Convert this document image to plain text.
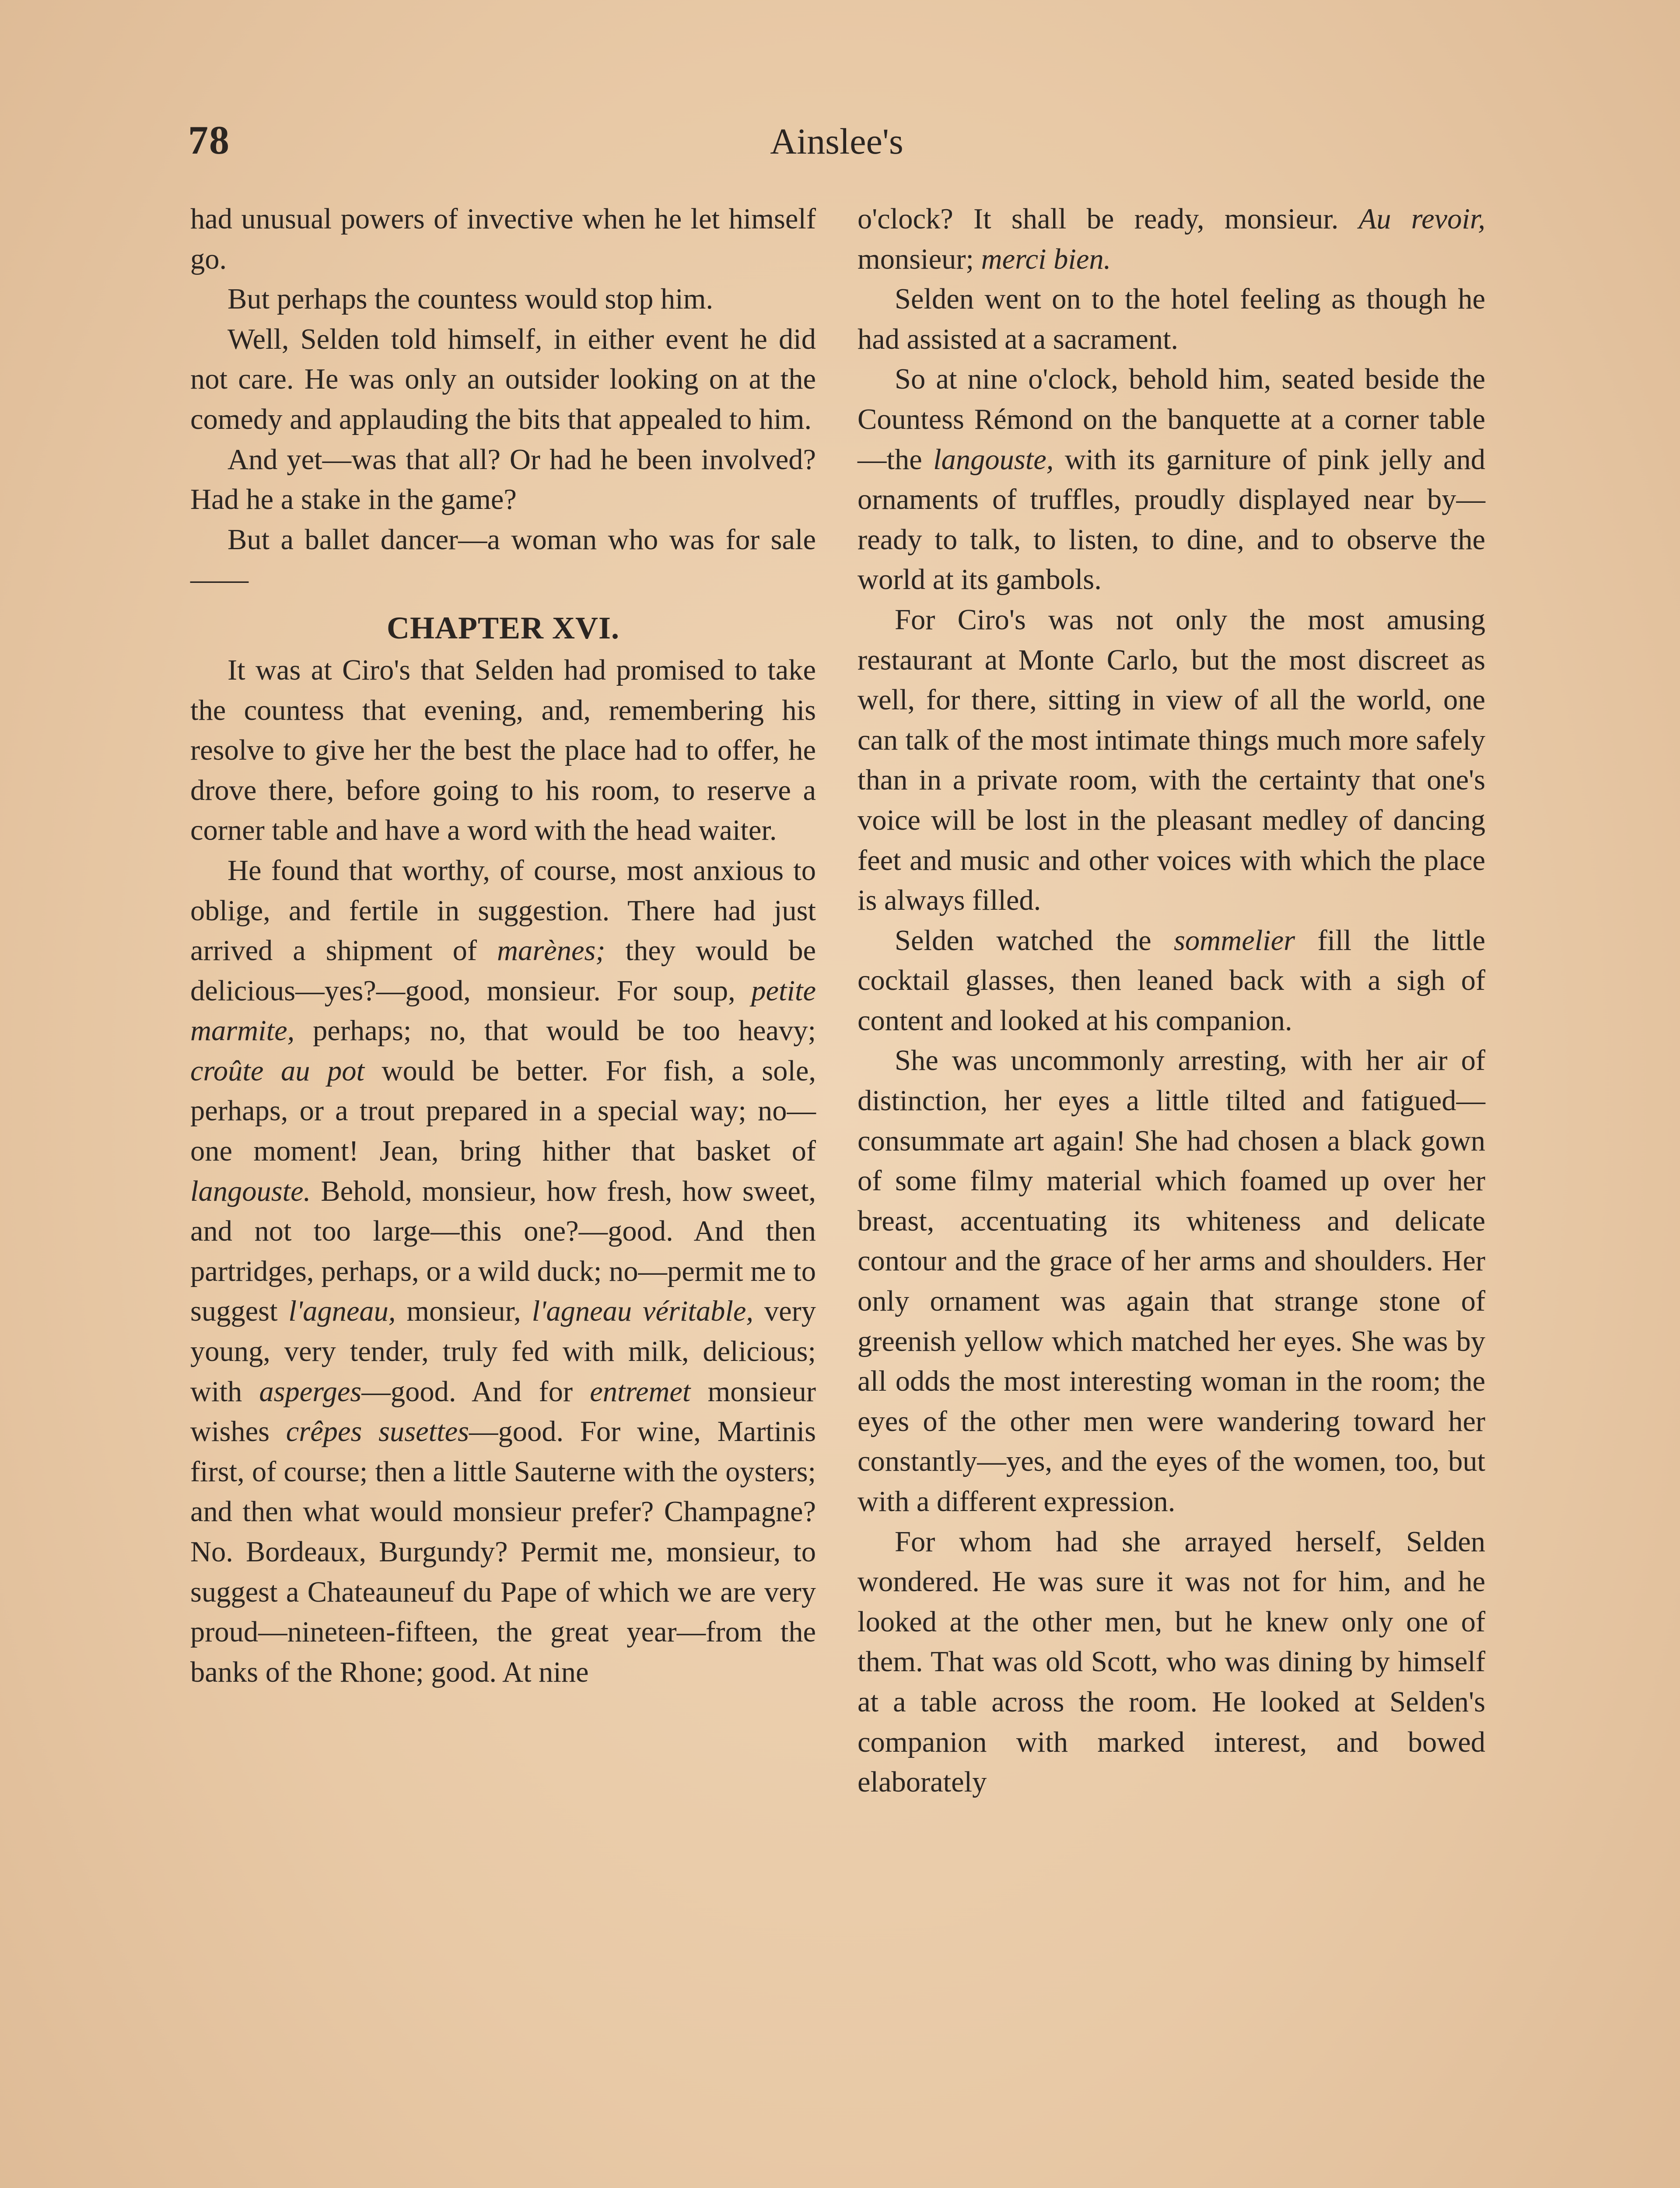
78	Ainslee's

had unusual powers of invective when he let himself go.

But perhaps the countess would stop him.

Well, Selden told himself, in either event he did not care. He was only an outsider looking on at the comedy and applauding the bits that appealed to him.

And yet—was that all? Or had he been involved? Had he a stake in the game?

But a ballet dancer—a woman who was for sale——

CHAPTER XVI.

It was at Ciro's that Selden had promised to take the countess that evening, and, remembering his resolve to give her the best the place had to offer, he drove there, before going to his room, to reserve a corner table and have a word with the head waiter.

He found that worthy, of course, most anxious to oblige, and fertile in suggestion. There had just arrived a shipment of marènes; they would be delicious—yes?—good, monsieur. For soup, petite marmite, perhaps; no, that would be too heavy; croûte au pot would be better. For fish, a sole, perhaps, or a trout prepared in a special way; no—one moment! Jean, bring hither that basket of langouste. Behold, monsieur, how fresh, how sweet, and not too large—this one?—good. And then partridges, perhaps, or a wild duck; no—permit me to suggest l'agneau, monsieur, l'agneau véritable, very young, very tender, truly fed with milk, delicious; with asperges—good. And for entremet monsieur wishes crêpes susettes—good. For wine, Martinis first, of course; then a little Sauterne with the oysters; and then what would monsieur prefer? Champagne? No. Bordeaux, Burgundy? Permit me, monsieur, to suggest a Chateauneuf du Pape of which we are very proud—nineteen-fifteen, the great year—from the banks of the Rhone; good. At nine

o'clock? It shall be ready, monsieur. Au revoir, monsieur; merci bien.

Selden went on to the hotel feeling as though he had assisted at a sacrament.

So at nine o'clock, behold him, seated beside the Countess Rémond on the banquette at a corner table—the langouste, with its garniture of pink jelly and ornaments of truffles, proudly displayed near by—ready to talk, to listen, to dine, and to observe the world at its gambols.

For Ciro's was not only the most amusing restaurant at Monte Carlo, but the most discreet as well, for there, sitting in view of all the world, one can talk of the most intimate things much more safely than in a private room, with the certainty that one's voice will be lost in the pleasant medley of dancing feet and music and other voices with which the place is always filled.

Selden watched the sommelier fill the little cocktail glasses, then leaned back with a sigh of content and looked at his companion.

She was uncommonly arresting, with her air of distinction, her eyes a little tilted and fatigued—consummate art again! She had chosen a black gown of some filmy material which foamed up over her breast, accentuating its whiteness and delicate contour and the grace of her arms and shoulders. Her only ornament was again that strange stone of greenish yellow which matched her eyes. She was by all odds the most interesting woman in the room; the eyes of the other men were wandering toward her constantly—yes, and the eyes of the women, too, but with a different expression.

For whom had she arrayed herself, Selden wondered. He was sure it was not for him, and he looked at the other men, but he knew only one of them. That was old Scott, who was dining by himself at a table across the room. He looked at Selden's companion with marked interest, and bowed elaborately
